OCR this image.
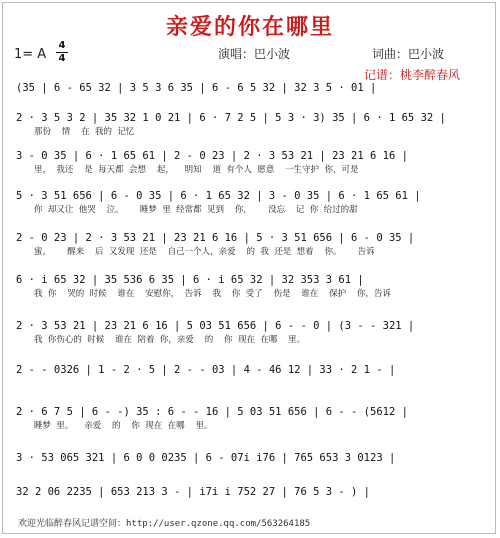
亲爱的你在哪里
1= A
4
4	演唱：巴小波	词曲：巴小波
记谱：桃李醉春风
(35 | 6 - 65 32 | 3 5 3 6 35 | 6 - 6 5 32 | 32 3 5 · 01 |
2 · 3 5 3 2 | 35 32 1 0 21 | 6 · 7 2 5 | 5 3 · 3) 35 | 6 · 1 65 32 |
那份    情    在  我的  记忆
3 - 0 35 | 6 · 1 65 61 | 2 - 0 23 | 2 · 3 53 21 | 23 21 6 16 |
里，  我还    是  每天都  会想    起，    明知    道  有个人  愿意    一生守护  你，可是
5 · 3 51 656 | 6 - 0 35 | 6 · 1 65 32 | 3 - 0 35 | 6 · 1 65 61 |
你  却又让  他哭    泣。      睡梦  里  经常都  见到    你，      没忘    记  你  给过的甜
2 - 0 23 | 2 · 3 53 21 | 23 21 6 16 | 5 · 3 51 656 | 6 - 0 35 |
蜜，      醒来    后  又发现  还是    自己一个人，亲爱    的  我  还是  想着    你。      告诉
6 · i 65 32 | 35 536 6 35 | 6 · i 65 32 | 32 353 3 61 |
我  你    哭的  时候    谁在    安慰你，  告诉    我    你  受了    伤是    谁在    保护    你，告诉
2 · 3 53 21 | 23 21 6 16 | 5 03 51 656 | 6 - - 0 | (3 - - 321 |
我  你伤心的  时候    谁在  陪着  你，亲爱    的    你  现在  在哪    里。
2 - - 0326 | 1 - 2 · 5 | 2 - - 03 | 4 - 46 12 | 33 · 2 1 - |
2 · 6 7 5 | 6 - -) 35 : 6 - - 16 | 5 03 51 656 | 6 - - (5612 |
睡梦  里。    亲爱    的    你  现在  在哪    里。
3 · 53 065 321 | 6 0 0 0235 | 6 - 07i i76 | 765 653 3 0123 |
32 2 06 2235 | 653 213 3 - | i7i i 752 27 | 76 5 3 - ) |
欢迎光临醉春风记谱空间：http://user.qzone.qq.com/563264185
